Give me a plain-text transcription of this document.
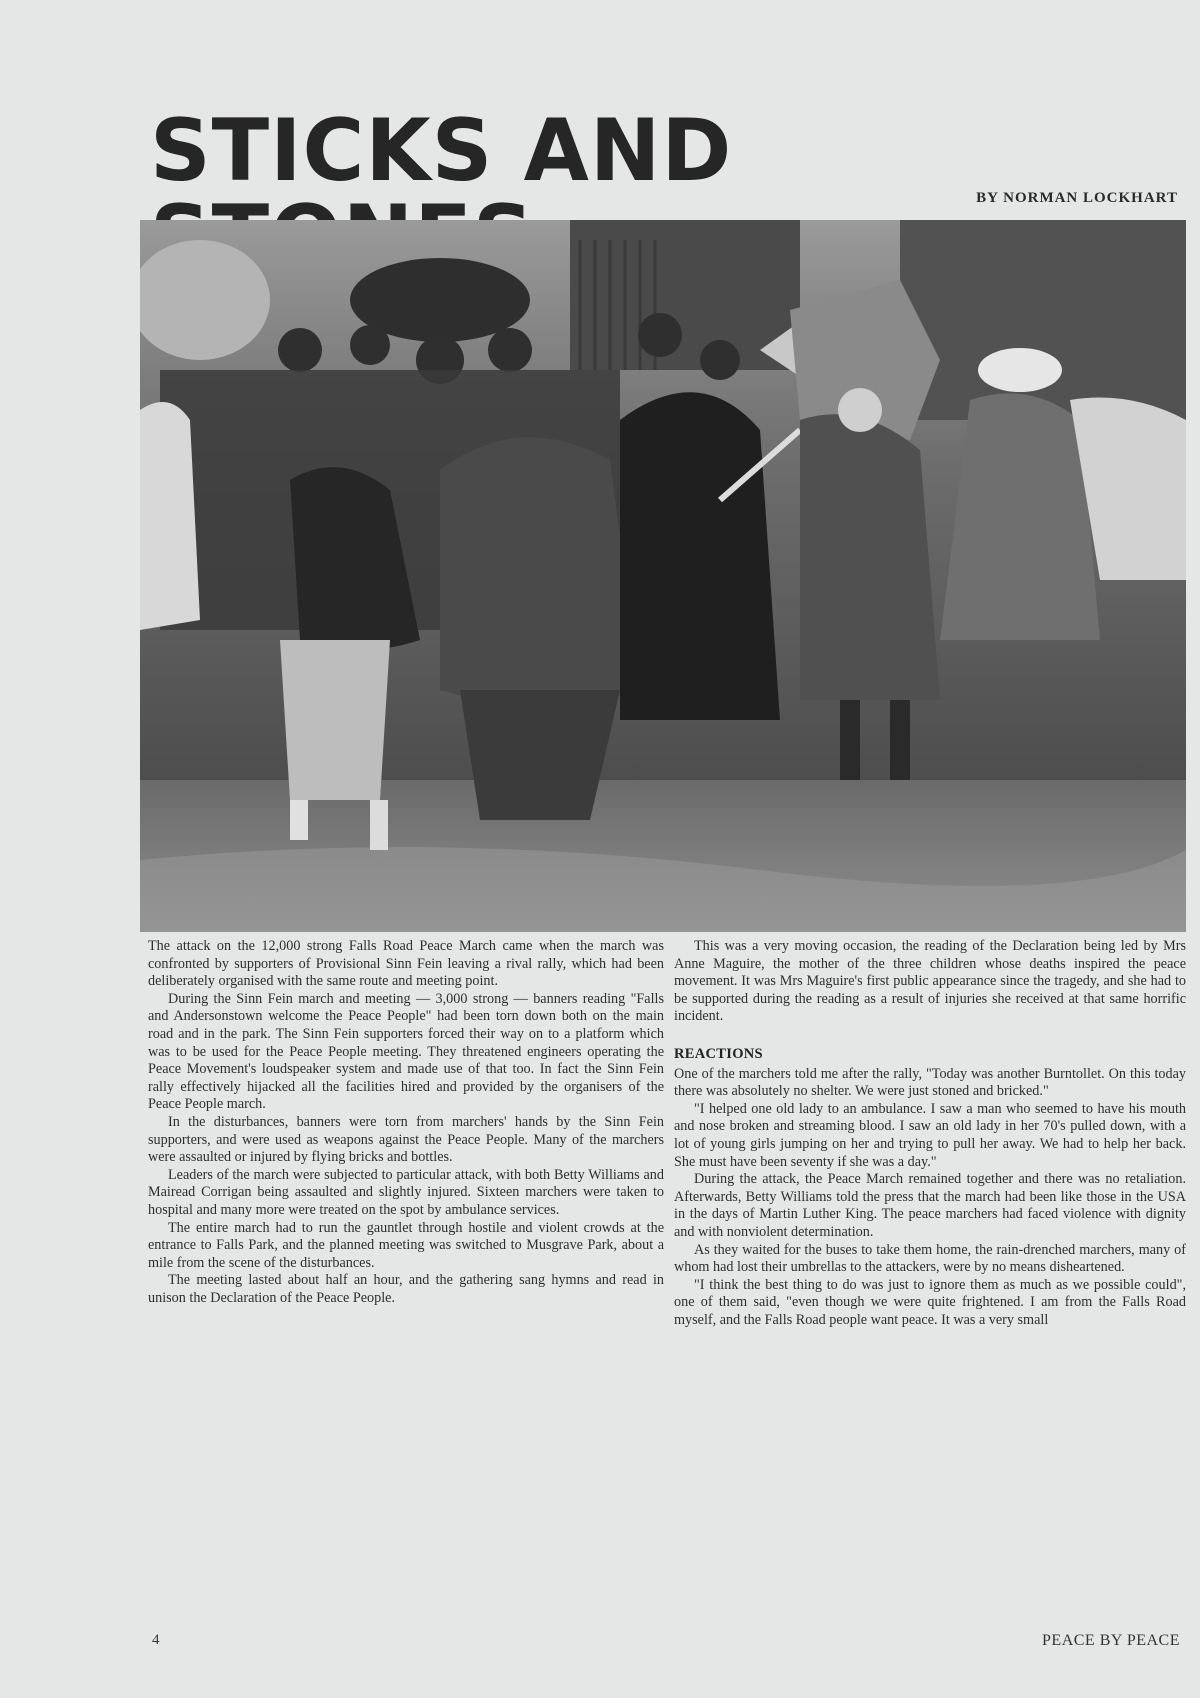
STICKS AND	BY NORMAN LOCKHART

The attack on the 12,000 strong Falls Road Peace March came when the march was confronted by supporters of Provisional Sinn Fein leaving a rival rally, which had been deliberately organised with the same route and meeting point.

During the Sinn Fein march and meeting — 3,000 strong — banners reading "Falls and Andersonstown welcome the Peace People" had been torn down both on the main road and in the park. The Sinn Fein supporters forced their way on to a platform which was to be used for the Peace People meeting. They threatened engineers operating the Peace Movement's loudspeaker system and made use of that too. In fact the Sinn Fein rally effectively hijacked all the facilities hired and provided by the organisers of the Peace People march.

In the disturbances, banners were torn from marchers' hands by the Sinn Fein supporters, and were used as weapons against the Peace People. Many of the marchers were assaulted or injured by flying bricks and bottles.

Leaders of the march were subjected to particular attack, with both Betty Williams and Mairead Corrigan being assaulted and slightly injured. Sixteen marchers were taken to hospital and many more were treated on the spot by ambulance services.

The entire march had to run the gauntlet through hostile and violent crowds at the entrance to Falls Park, and the planned meeting was switched to Musgrave Park, about a mile from the scene of the disturbances.

The meeting lasted about half an hour, and the gathering sang hymns and read in unison the Declaration of the Peace People.

This was a very moving occasion, the reading of the Declaration being led by Mrs Anne Maguire, the mother of the three children whose deaths inspired the peace movement. It was Mrs Maguire's first public appearance since the tragedy, and she had to be supported during the reading as a result of injuries she received at that same horrific incident.

REACTIONS

One of the marchers told me after the rally, "Today was another Burntollet. On this today there was absolutely no shelter. We were just stoned and bricked."

"I helped one old lady to an ambulance. I saw a man who seemed to have his mouth and nose broken and streaming blood. I saw an old lady in her 70's pulled down, with a lot of young girls jumping on her and trying to pull her away. We had to help her back. She must have been seventy if she was a day."

During the attack, the Peace March remained together and there was no retaliation. Afterwards, Betty Williams told the press that the march had been like those in the USA in the days of Martin Luther King. The peace marchers had faced violence with dignity and with nonviolent determination.

As they waited for the buses to take them home, the rain-drenched marchers, many of whom had lost their umbrellas to the attackers, were by no means disheartened.

"I think the best thing to do was just to ignore them as much as we possible could", one of them said, "even though we were quite frightened. I am from the Falls Road myself, and the Falls Road people want peace. It was a very small

4	PEACE BY PEACE
